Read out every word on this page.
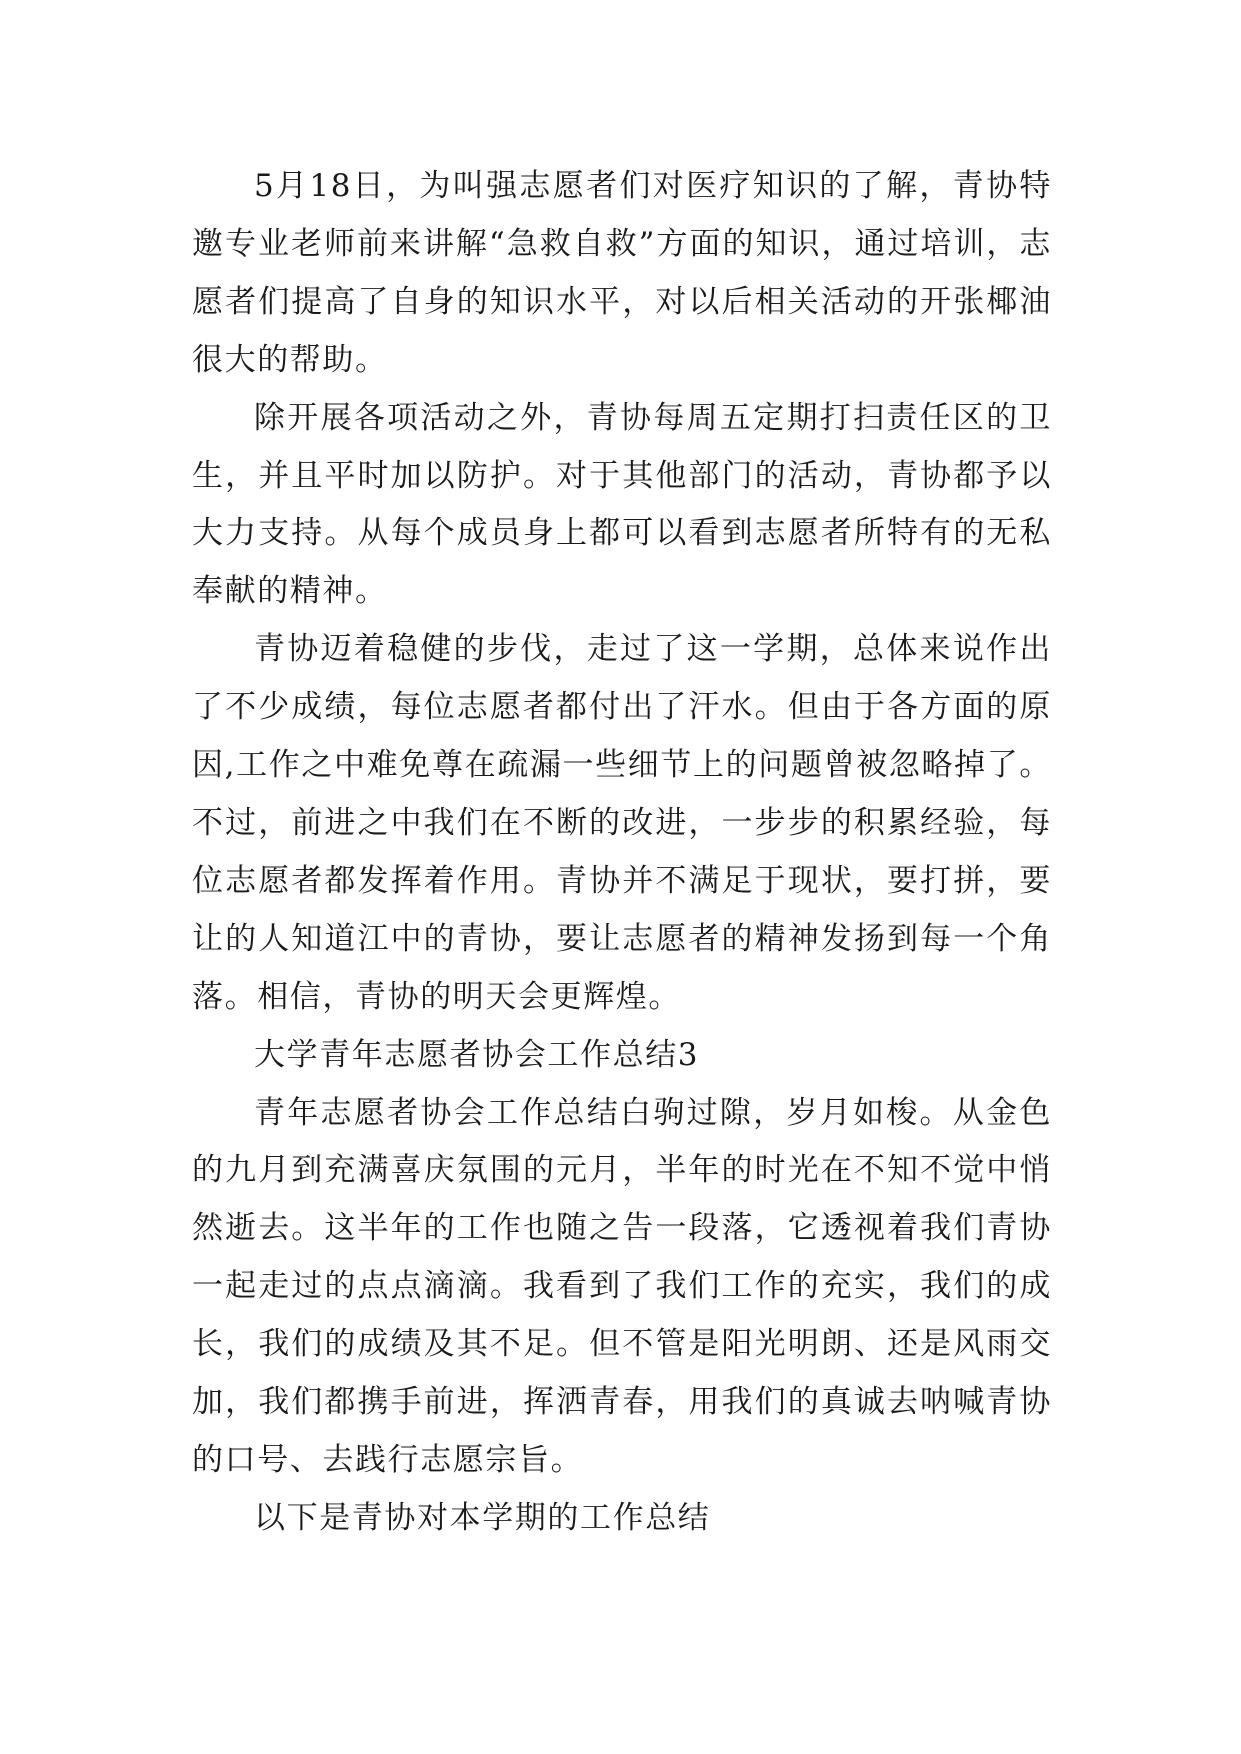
5月18日，为叫强志愿者们对医疗知识的了解，青协特邀专业老师前来讲解“急救自救”方面的知识，通过培训，志愿者们提高了自身的知识水平，对以后相关活动的开张椰油很大的帮助。

除开展各项活动之外，青协每周五定期打扫责任区的卫生，并且平时加以防护。对于其他部门的活动，青协都予以大力支持。从每个成员身上都可以看到志愿者所特有的无私奉献的精神。

青协迈着稳健的步伐，走过了这一学期，总体来说作出了不少成绩，每位志愿者都付出了汗水。但由于各方面的原因,工作之中难免尊在疏漏一些细节上的问题曾被忽略掉了。不过，前进之中我们在不断的改进，一步步的积累经验，每位志愿者都发挥着作用。青协并不满足于现状，要打拼，要让的人知道江中的青协，要让志愿者的精神发扬到每一个角落。相信，青协的明天会更辉煌。

大学青年志愿者协会工作总结3

青年志愿者协会工作总结白驹过隙，岁月如梭。从金色的九月到充满喜庆氛围的元月，半年的时光在不知不觉中悄然逝去。这半年的工作也随之告一段落，它透视着我们青协一起走过的点点滴滴。我看到了我们工作的充实，我们的成长，我们的成绩及其不足。但不管是阳光明朗、还是风雨交加，我们都携手前进，挥洒青春，用我们的真诚去呐喊青协的口号、去践行志愿宗旨。

以下是青协对本学期的工作总结
